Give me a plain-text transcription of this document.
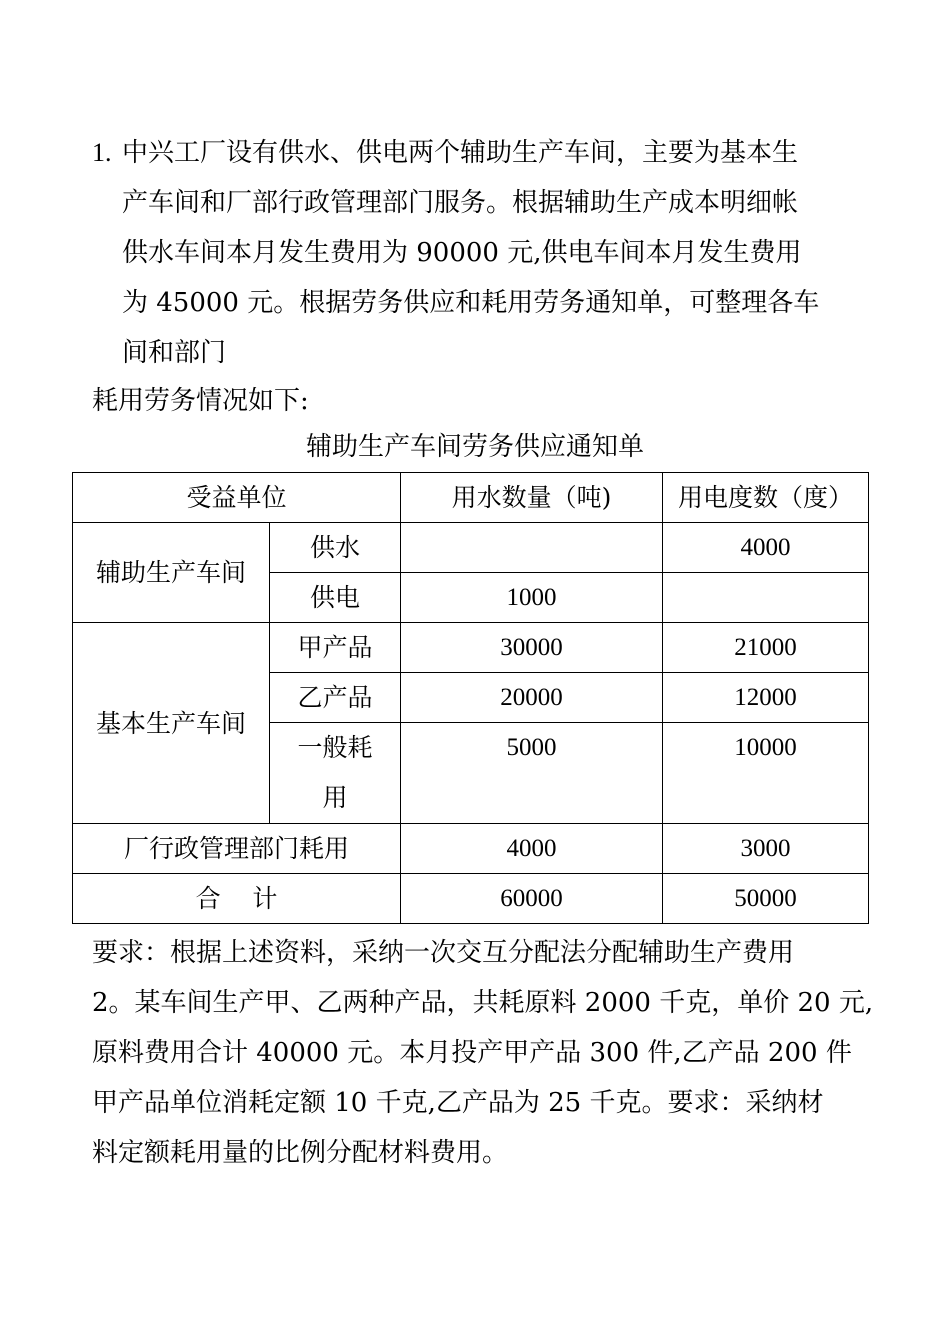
1. 中兴工厂设有供水、供电两个辅助生产车间，主要为基本生
产车间和厂部行政管理部门服务。根据辅助生产成本明细帐
供水车间本月发生费用为 90000 元,供电车间本月发生费用
为 45000 元。根据劳务供应和耗用劳务通知单，可整理各车
间和部门
耗用劳务情况如下:
辅助生产车间劳务供应通知单
受益单位		用水数量（吨)	用电度数（度）
辅助生产车间	供水		4000
	供电	1000	
基本生产车间	甲产品	30000	21000
	乙产品	20000	12000

	一般耗
用	5000	10000
厂行政管理部门耗用		4000	3000
合    计		60000	50000
要求：根据上述资料，采纳一次交互分配法分配辅助生产费用
2。某车间生产甲、乙两种产品，共耗原料 2000 千克，单价 20 元,
原料费用合计 40000 元。本月投产甲产品 300 件,乙产品 200 件
甲产品单位消耗定额 10 千克,乙产品为 25 千克。要求：采纳材
料定额耗用量的比例分配材料费用。
